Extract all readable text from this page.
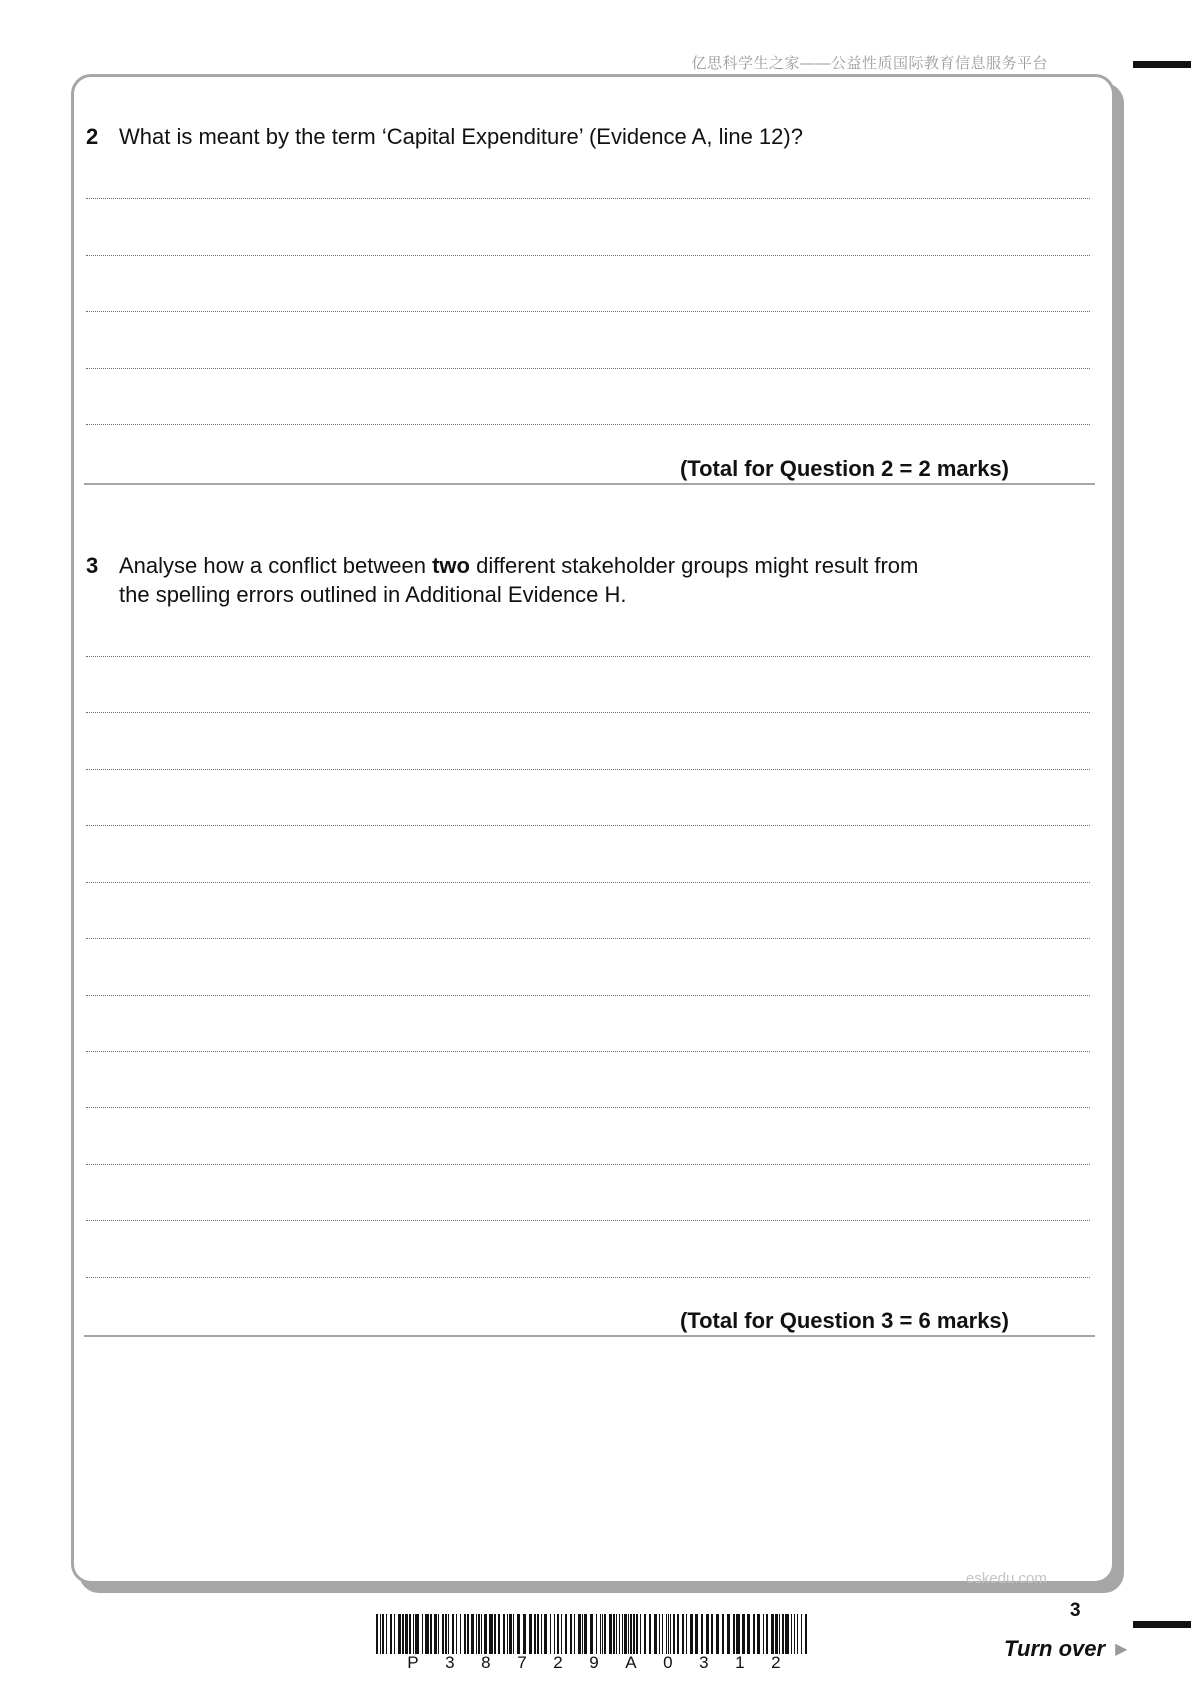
亿思科学生之家——公益性质国际教育信息服务平台
2 What is meant by the term ‘Capital Expenditure’ (Evidence A, line 12)?
(Total for Question 2 = 2 marks)
3 Analyse how a conflict between two different stakeholder groups might result from
the spelling errors outlined in Additional Evidence H.
(Total for Question 3 = 6 marks)
eskedu.com
P 3 8 7 2 9 A 0 3 1 2
3
Turn over ▶
